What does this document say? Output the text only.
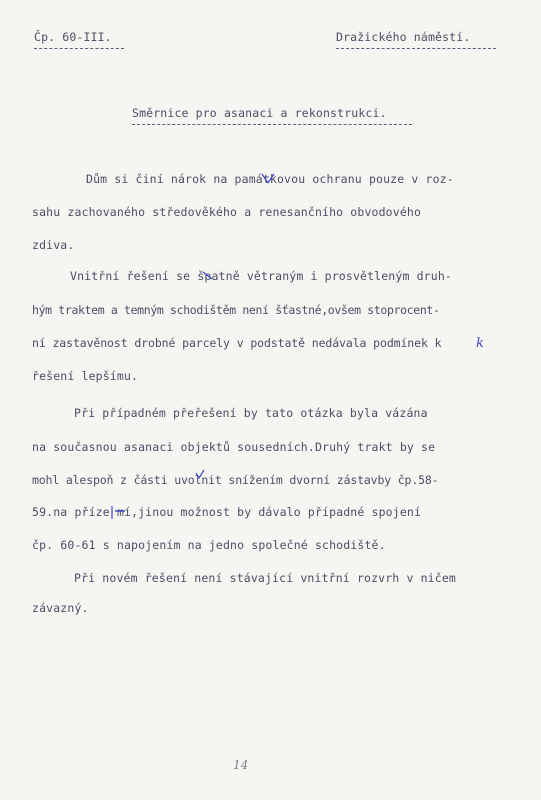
Čp. 60-III.	Dražického náměstí.
Směrnice pro asanaci a rekonstrukci.
Dům si činí nárok na památkovou ochranu pouze v roz-
sahu zachovaného středověkého a renesančního obvodového
zdiva.
Vnitřní řešení se špatně větraným i prosvětleným druh-
hým traktem a temným schodištěm není šťastné,ovšem stoprocent-
ní zastavěnost drobné parcely v podstatě nedávala podmínek k
řešení lepšímu.
Při případném přeřešení by tato otázka byla vázána
na současnou asanaci objektů sousedních.Druhý trakt by se
mohl alespoň z části uvolnit snížením dvorní zástavby čp.58-
59.na příze mí,jinou možnost by dávalo případné spojení
čp. 60-61 s napojením na jedno společné schodiště.
Při novém řešení není stávající vnitřní rozvrh v ničem
závazný.
k
14
